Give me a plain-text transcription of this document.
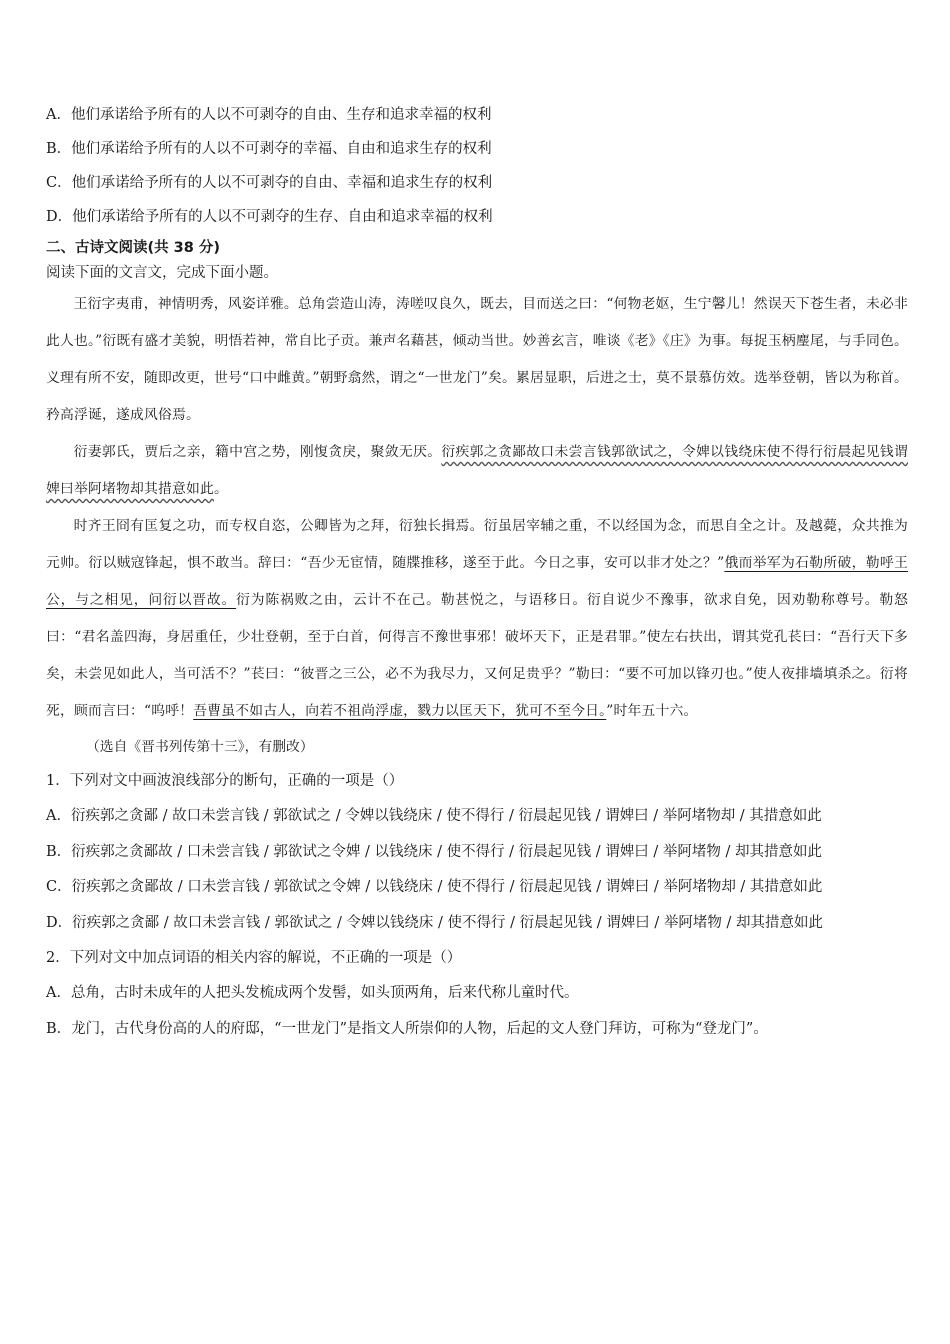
A．他们承诺给予所有的人以不可剥夺的自由、生存和追求幸福的权利
B．他们承诺给予所有的人以不可剥夺的幸福、自由和追求生存的权利
C．他们承诺给予所有的人以不可剥夺的自由、幸福和追求生存的权利
D．他们承诺给予所有的人以不可剥夺的生存、自由和追求幸福的权利
二、古诗文阅读(共 38 分)
阅读下面的文言文，完成下面小题。
王衍字夷甫，神情明秀，风姿详雅。总角尝造山涛，涛嗟叹良久，既去，目而送之曰：“何物老妪，生宁馨儿！然误天下苍生者，未必非此人也。”衍既有盛才美貌，明悟若神，常自比子贡。兼声名藉甚，倾动当世。妙善玄言，唯谈《老》《庄》为事。每捉玉柄麈尾，与手同色。义理有所不安，随即改更，世号“口中雌黄。”朝野翕然，谓之“一世龙门”矣。累居显职，后进之士，莫不景慕仿效。选举登朝，皆以为称首。矜高浮诞，遂成风俗焉。
衍妻郭氏，贾后之亲，籍中宫之势，刚愎贪戾，聚敛无厌。衍疾郭之贪鄙故口未尝言钱郭欲试之，令婢以钱绕床使不得行衍晨起见钱谓婢曰举阿堵物却其措意如此。
时齐王冏有匡复之功，而专权自恣，公卿皆为之拜，衍独长揖焉。衍虽居宰辅之重，不以经国为念，而思自全之计。及越薨，众共推为元帅。衍以贼寇锋起，惧不敢当。辞曰：“吾少无宦情，随牒推移，遂至于此。今日之事，安可以非才处之？”俄而举军为石勒所破，勒呼王公，与之相见，问衍以晋故。衍为陈祸败之由，云计不在己。勒甚悦之，与语移日。衍自说少不豫事，欲求自免，因劝勒称尊号。勒怒曰：“君名盖四海，身居重任，少壮登朝，至于白首，何得言不豫世事邪！破坏天下，正是君罪。”使左右扶出，谓其党孔苌曰：“吾行天下多矣，未尝见如此人，当可活不？”苌曰：“彼晋之三公，必不为我尽力，又何足贵乎？”勒曰：“要不可加以锋刃也。”使人夜排墙填杀之。衍将死，顾而言曰：“呜呼！吾曹虽不如古人，向若不祖尚浮虚，戮力以匡天下，犹可不至今日。”时年五十六。
（选自《晋书列传第十三》，有删改）
1．下列对文中画波浪线部分的断句，正确的一项是（）
A．衍疾郭之贪鄙 / 故口未尝言钱 / 郭欲试之 / 令婢以钱绕床 / 使不得行 / 衍晨起见钱 / 谓婢曰 / 举阿堵物却 / 其措意如此
B．衍疾郭之贪鄙故 / 口未尝言钱 / 郭欲试之令婢 / 以钱绕床 / 使不得行 / 衍晨起见钱 / 谓婢曰 / 举阿堵物 / 却其措意如此
C．衍疾郭之贪鄙故 / 口未尝言钱 / 郭欲试之令婢 / 以钱绕床 / 使不得行 / 衍晨起见钱 / 谓婢曰 / 举阿堵物却 / 其措意如此
D．衍疾郭之贪鄙 / 故口未尝言钱 / 郭欲试之 / 令婢以钱绕床 / 使不得行 / 衍晨起见钱 / 谓婢曰 / 举阿堵物 / 却其措意如此
2．下列对文中加点词语的相关内容的解说，不正确的一项是（）
A．总角，古时未成年的人把头发梳成两个发髻，如头顶两角，后来代称儿童时代。
B．龙门，古代身份高的人的府邸，“一世龙门”是指文人所崇仰的人物，后起的文人登门拜访，可称为“登龙门”。
